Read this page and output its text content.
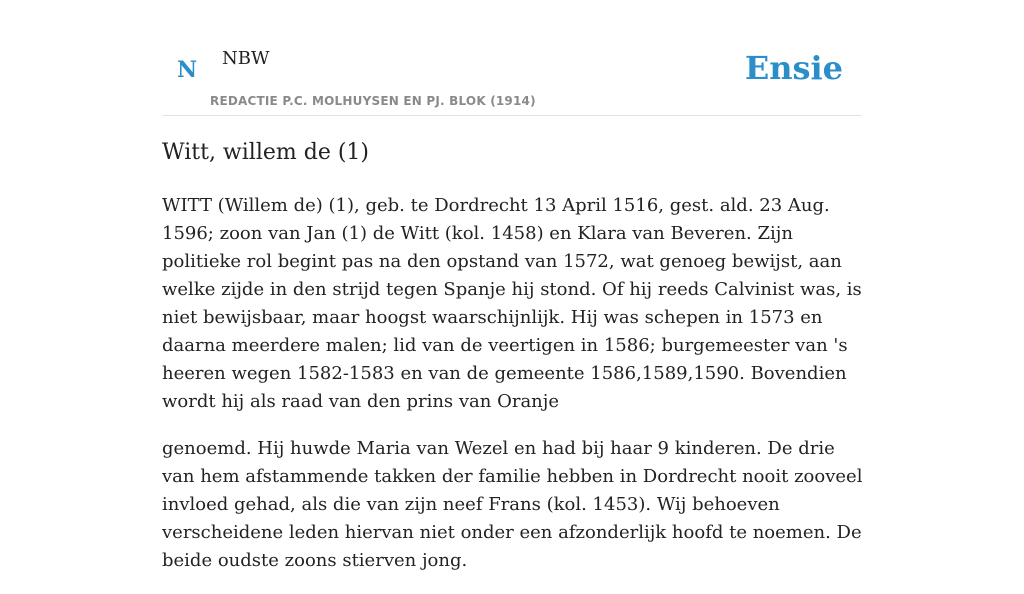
N NBW
REDACTIE P.C. MOLHUYSEN EN PJ. BLOK (1914)
Ensie
Witt, willem de (1)

WITT (Willem de) (1), geb. te Dordrecht 13 April 1516, gest. ald. 23 Aug. 1596; zoon van Jan (1) de Witt (kol. 1458) en Klara van Beveren. Zijn politieke rol begint pas na den opstand van 1572, wat genoeg bewijst, aan welke zijde in den strijd tegen Spanje hij stond. Of hij reeds Calvinist was, is niet bewijsbaar, maar hoogst waarschijnlijk. Hij was schepen in 1573 en daarna meerdere malen; lid van de veertigen in 1586; burgemeester van 's heeren wegen 1582-1583 en van de gemeente 1586,1589,1590. Bovendien wordt hij als raad van den prins van Oranje

genoemd. Hij huwde Maria van Wezel en had bij haar 9 kinderen. De drie van hem afstammende takken der familie hebben in Dordrecht nooit zooveel invloed gehad, als die van zijn neef Frans (kol. 1453). Wij behoeven verscheidene leden hiervan niet onder een afzonderlijk hoofd te noemen. De beide oudste zoons stierven jong.
